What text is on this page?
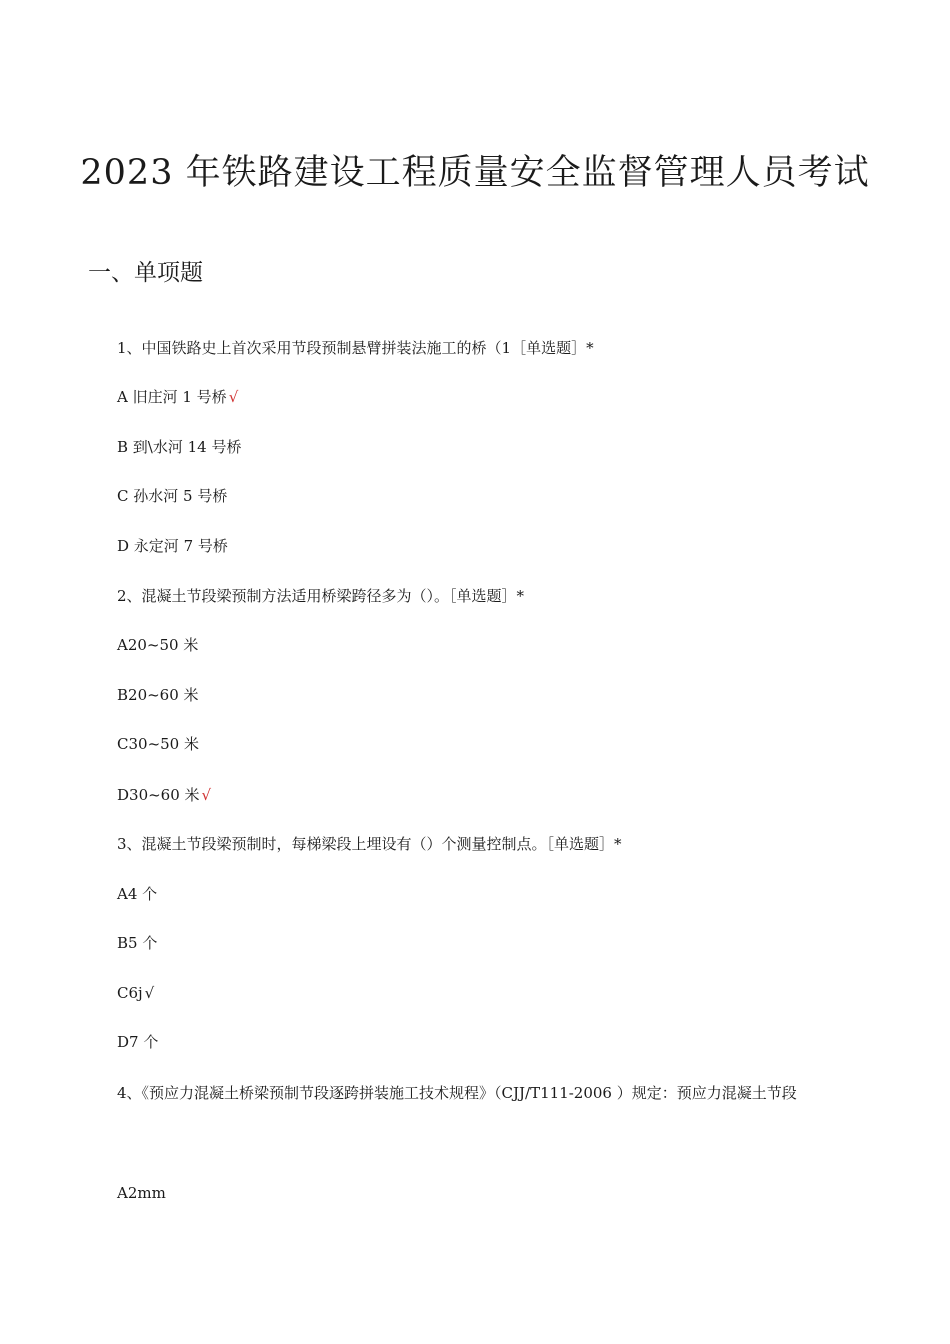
2023 年铁路建设工程质量安全监督管理人员考试
一、单项题
1、中国铁路史上首次采用节段预制悬臂拼装法施工的桥（1［单选题］*
A 旧庄河 1 号桥 √
B 到\水河 14 号桥
C 孙水河 5 号桥
D 永定河 7 号桥
2、混凝土节段梁预制方法适用桥梁跨径多为（）。［单选题］*
A20~50 米
B20~60 米
C30~50 米
D30~60 米 √
3、混凝土节段梁预制时，每梯梁段上埋设有（）个测量控制点。［单选题］*
A4 个
B5 个
C6j √
D7 个
4、《预应力混凝土桥梁预制节段逐跨拼装施工技术规程》（CJJ/T111-2006 ）规定：预应力混凝土节段
A2mm
